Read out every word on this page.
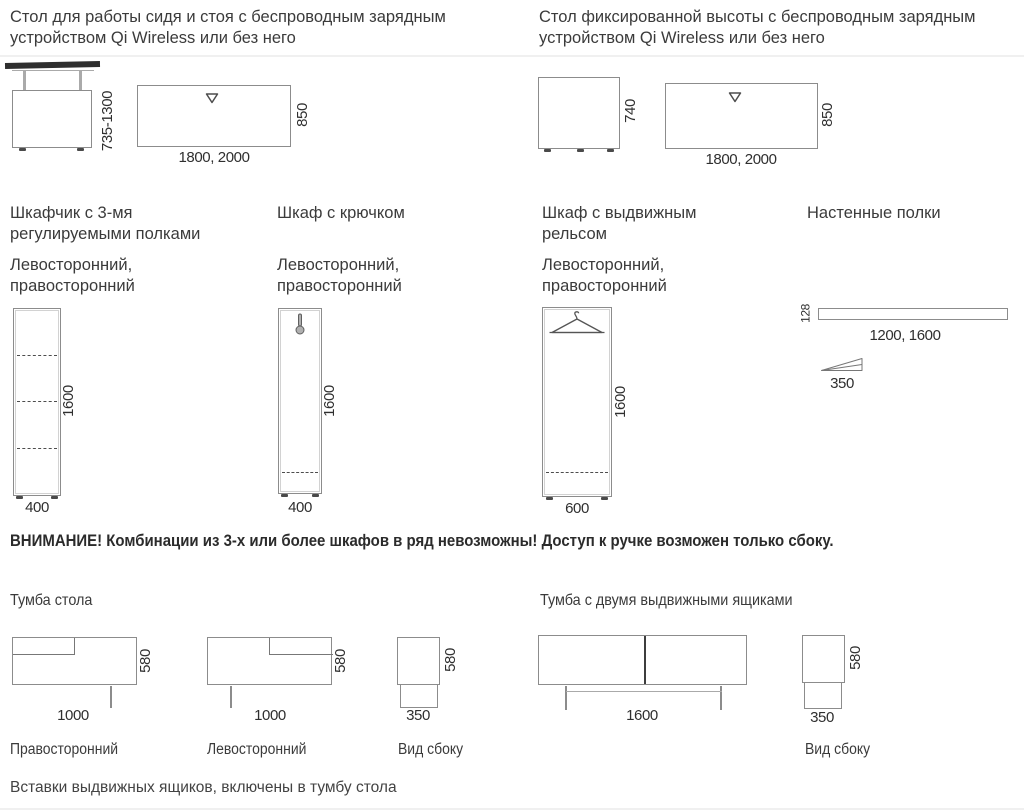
Стол для работы сидя и стоя с беспроводным зарядным устройством Qi Wireless или без него
Стол фиксированной высоты с беспроводным зарядным устройством Qi Wireless или без него
735-1300	850
1800, 2000
740	850
1800, 2000
Шкафчик с 3-мя регулируемыми полками
Шкаф с крючком	Шкаф с выдвижным рельсом
Настенные полки
Левосторонний, правосторонний
Левосторонний, правосторонний
Левосторонний, правосторонний
1600
400
1600
400
1600
600
128
1200, 1600
350
ВНИМАНИЕ! Комбинации из 3-х или более шкафов в ряд невозможны! Доступ к ручке возможен только сбоку.
Тумба стола	Тумба с двумя выдвижными ящиками
580
1000
Правосторонний
580
1000
Левосторонний
580
350
Вид сбоку
1600
580
350
Вид сбоку
Вставки выдвижных ящиков, включены в тумбу стола
